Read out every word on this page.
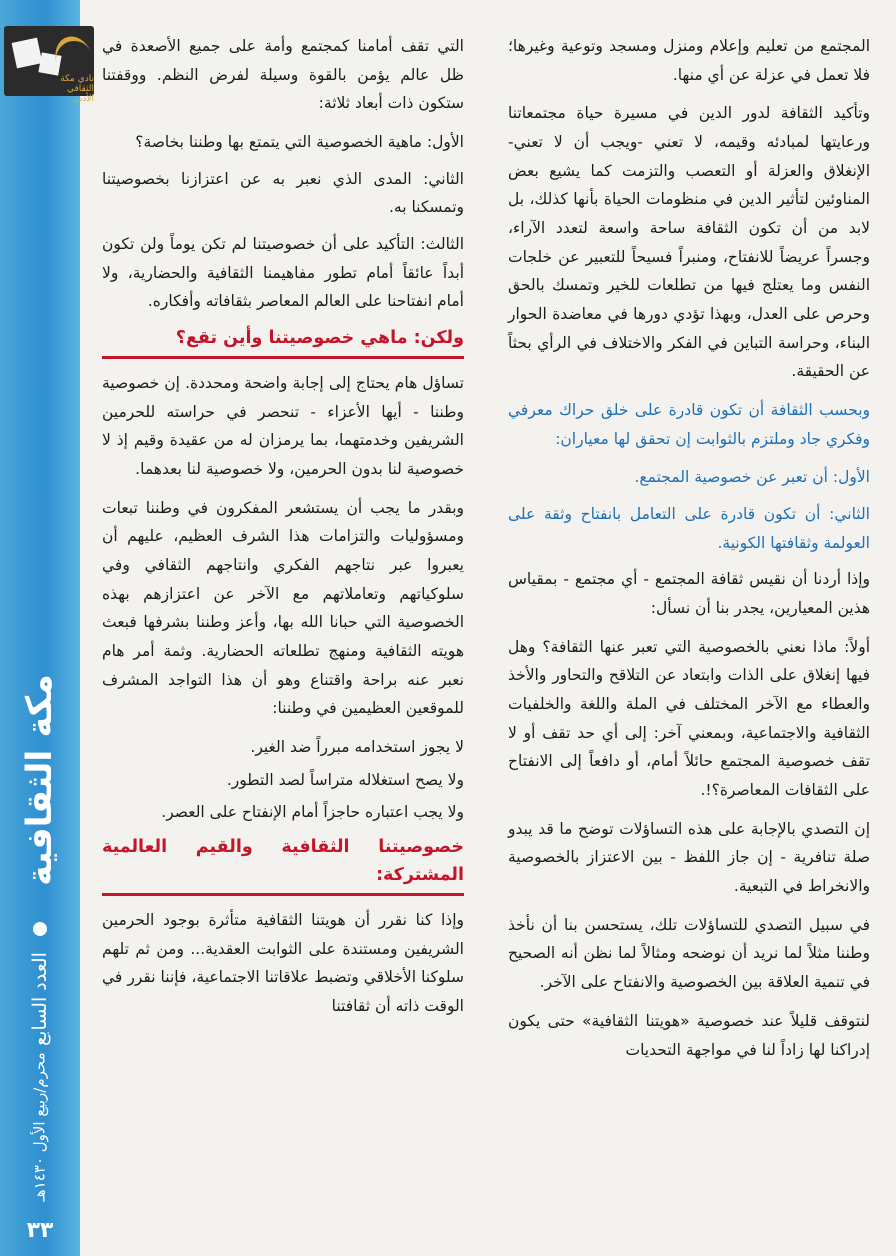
نادي مكة الثقافي الأدبي
مكة الثقافية
العدد السابع
محرم/ربيع الأول ١٤٣٠هـ
٣٣

المجتمع من تعليم وإعلام ومنزل ومسجد وتوعية وغيرها؛ فلا تعمل في عزلة عن أي منها.

وتأكيد الثقافة لدور الدين في مسيرة حياة مجتمعاتنا ورعايتها لمبادئه وقيمه، لا تعني -ويجب أن لا تعني- الإنغلاق والعزلة أو التعصب والتزمت كما يشيع بعض المناوئين لتأثير الدين في منظومات الحياة بأنها كذلك، بل لابد من أن تكون الثقافة ساحة واسعة لتعدد الآراء، وجسراً عريضاً للانفتاح، ومنبراً فسيحاً للتعبير عن خلجات النفس وما يعتلج فيها من تطلعات للخير وتمسك بالحق وحرص على العدل، وبهذا تؤدي دورها في معاضدة الحوار البناء، وحراسة التباين في الفكر والاختلاف في الرأي بحثاً عن الحقيقة.

وبحسب الثقافة أن تكون قادرة على خلق حراك معرفي وفكري جاد وملتزم بالثوابت إن تحقق لها معياران:

الأول: أن تعبر عن خصوصية المجتمع.
الثاني: أن تكون قادرة على التعامل بانفتاح وثقة على العولمة وثقافتها الكونية.

وإذا أردنا أن نقيس ثقافة المجتمع - أي مجتمع - بمقياس هذين المعيارين، يجدر بنا أن نسأل:

أولاً: ماذا نعني بالخصوصية التي تعبر عنها الثقافة؟ وهل فيها إنغلاق على الذات وابتعاد عن التلاقح والتحاور والأخذ والعطاء مع الآخر المختلف في الملة واللغة والخلفيات الثقافية والاجتماعية، وبمعني آخر: إلى أي حد تقف أو لا تقف خصوصية المجتمع حائلاً أمام، أو دافعاً إلى الانفتاح على الثقافات المعاصرة؟!.

إن التصدي بالإجابة على هذه التساؤلات توضح ما قد يبدو صلة تنافرية - إن جاز اللفظ - بين الاعتزاز بالخصوصية والانخراط في التبعية.

في سبيل التصدي للتساؤلات تلك، يستحسن بنا أن نأخذ وطننا مثلاً لما نريد أن نوضحه ومثالاً لما نظن أنه الصحيح في تنمية العلاقة بين الخصوصية والانفتاح على الآخر.

لنتوقف قليلاً عند خصوصية «هويتنا الثقافية» حتى يكون إدراكنا لها زاداً لنا في مواجهة التحديات

التي تقف أمامنا كمجتمع وأمة على جميع الأصعدة في ظل عالم يؤمن بالقوة وسيلة لفرض النظم. ووقفتنا ستكون ذات أبعاد ثلاثة:

الأول: ماهية الخصوصية التي يتمتع بها وطننا بخاصة؟
الثاني: المدى الذي نعبر به عن اعتزازنا بخصوصيتنا وتمسكنا به.
الثالث: التأكيد على أن خصوصيتنا لم تكن يوماً ولن تكون أبداً عائقاً أمام تطور مفاهيمنا الثقافية والحضارية، ولا أمام انفتاحنا على العالم المعاصر بثقافاته وأفكاره.
ولكن: ماهي خصوصيتنا وأين تقع؟

تساؤل هام يحتاج إلى إجابة واضحة ومحددة. إن خصوصية وطننا - أيها الأعزاء - تنحصر في حراسته للحرمين الشريفين وخدمتهما، بما يرمزان له من عقيدة وقيم إذ لا خصوصية لنا بدون الحرمين، ولا خصوصية لنا بعدهما.

وبقدر ما يجب أن يستشعر المفكرون في وطننا تبعات ومسؤوليات والتزامات هذا الشرف العظيم، عليهم أن يعبروا عبر نتاجهم الفكري وانتاجهم الثقافي وفي سلوكياتهم وتعاملاتهم مع الآخر عن اعتزازهم بهذه الخصوصية التي حبانا الله بها، وأعز وطننا بشرفها فبعث هويته الثقافية ومنهج تطلعاته الحضارية. وثمة أمر هام نعبر عنه براحة واقتناع وهو أن هذا التواجد المشرف للموقعين العظيمين في وطننا:

لا يجوز استخدامه مبرراً ضد الغير.
ولا يصح استغلاله متراساً لصد التطور.
ولا يجب اعتباره حاجزاً أمام الإنفتاح على العصر.
خصوصيتنا الثقافية والقيم العالمية المشتركة:

وإذا كنا نقرر أن هويتنا الثقافية متأثرة بوجود الحرمين الشريفين ومستندة على الثوابت العقدية... ومن ثم تلهم سلوكنا الأخلاقي وتضبط علاقاتنا الاجتماعية، فإننا نقرر في الوقت ذاته أن ثقافتنا
